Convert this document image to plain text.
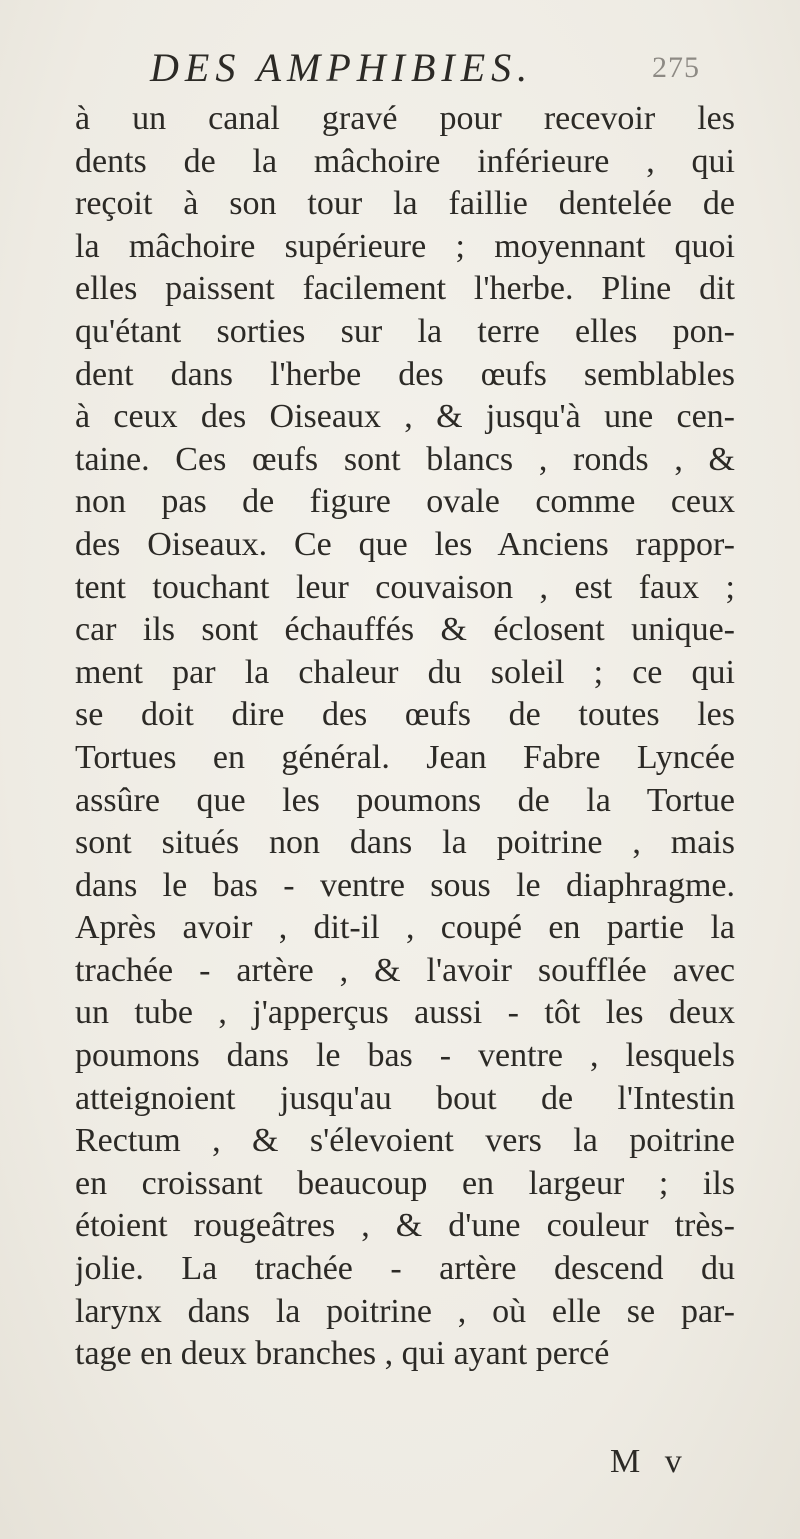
DES AMPHIBIES.	275
à un canal gravé pour recevoir les
dents de la mâchoire inférieure , qui
reçoit à son tour la faillie dentelée de
la mâchoire supérieure ; moyennant quoi
elles paissent facilement l'herbe. Pline dit
qu'étant sorties sur la terre elles pon-
dent dans l'herbe des œufs semblables
à ceux des Oiseaux , & jusqu'à une cen-
taine. Ces œufs sont blancs , ronds , &
non pas de figure ovale comme ceux
des Oiseaux. Ce que les Anciens rappor-
tent touchant leur couvaison , est faux ;
car ils sont échauffés & éclosent unique-
ment par la chaleur du soleil ; ce qui
se doit dire des œufs de toutes les
Tortues en général. Jean Fabre Lyncée
assûre que les poumons de la Tortue
sont situés non dans la poitrine , mais
dans le bas - ventre sous le diaphragme.
Après avoir , dit-il , coupé en partie la
trachée - artère , & l'avoir soufflée avec
un tube , j'apperçus aussi - tôt les deux
poumons dans le bas - ventre , lesquels
atteignoient jusqu'au bout de l'Intestin
Rectum , & s'élevoient vers la poitrine
en croissant beaucoup en largeur ; ils
étoient rougeâtres , & d'une couleur très-
jolie. La trachée - artère descend du
larynx dans la poitrine , où elle se par-
tage en deux branches , qui ayant percé
M v
